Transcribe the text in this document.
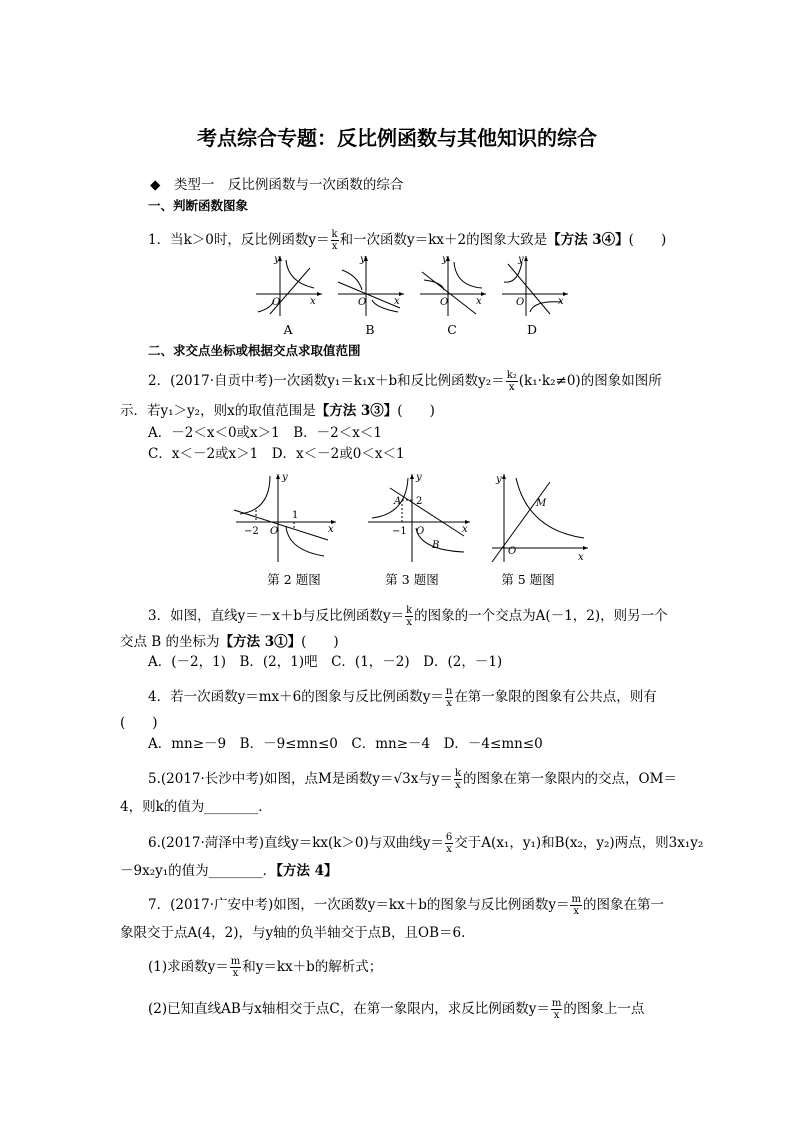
考点综合专题：反比例函数与其他知识的综合
◆　类型一　反比例函数与一次函数的综合
一、判断函数图象
1．当k＞0时，反比例函数$y= \frac{k}{x}$ 和一次函数y＝kx＋2的图象大致是【方法 3④】(　　)
y
O	x
y
O	x
y
O	x
y
O	x
A	B	C	D
二、求交点坐标或根据交点求取值范围
2．(2017·自贡中考)一次函数y₁＝k₁x＋b和反比例函数$y_2= \frac{\text{k₂}}{x} (k_1\cdot k_2\ne 0)$的图象如图所
示．若y₁＞y₂，则x的取值范围是【方法 3③】(　　)
A．－2＜x＜0或x＞1　B．－2＜x＜1
C．x＜－2或x＞1　D．x＜－2或0＜x＜1
y
O	x
−2
1
y
A 2
O	x
−1
B
y
M
O
x
第 2 题图	第 3 题图	第 5 题图
3．如图，直线y＝－x＋b与反比例函数$y= \frac{k}{x}$ 的图象的一个交点为A(－1，2)，则另一个
交点 B 的坐标为【方法 3①】(　　)
A．(－2，1)　B．(2，1)吧　C．(1，－2)　D．(2，－1)
4．若一次函数y＝mx＋6的图象与反比例函数$y= \frac{n}{x}$ 在第一象限的图象有公共点，则有
(　　)
A．mn≥－9　B．－9≤mn≤0　C．mn≥－4　D．－4≤mn≤0
5.(2017·长沙中考)如图，点M是函数y＝√3x与$y= \frac{k}{x}$ 的图象在第一象限内的交点，OM＝
4，则k的值为________．
6.(2017·菏泽中考)直线y＝kx(k＞0)与双曲线$y= \frac{6}{x}$ 交于A(x₁，y₁)和B(x₂，y₂)两点，则3x₁y₂
－9x₂y₁的值为________．【方法 4】
7．(2017·广安中考)如图，一次函数y＝kx＋b的图象与反比例函数$y= \frac{m}{x}$ 的图象在第一
象限交于点A(4，2)，与y轴的负半轴交于点B，且OB＝6.
(1)求函数$y= \frac{m}{x}$ 和y＝kx＋b的解析式；
(2)已知直线AB与x轴相交于点C，在第一象限内，求反比例函数$y= \frac{m}{x}$ 的图象上一点
